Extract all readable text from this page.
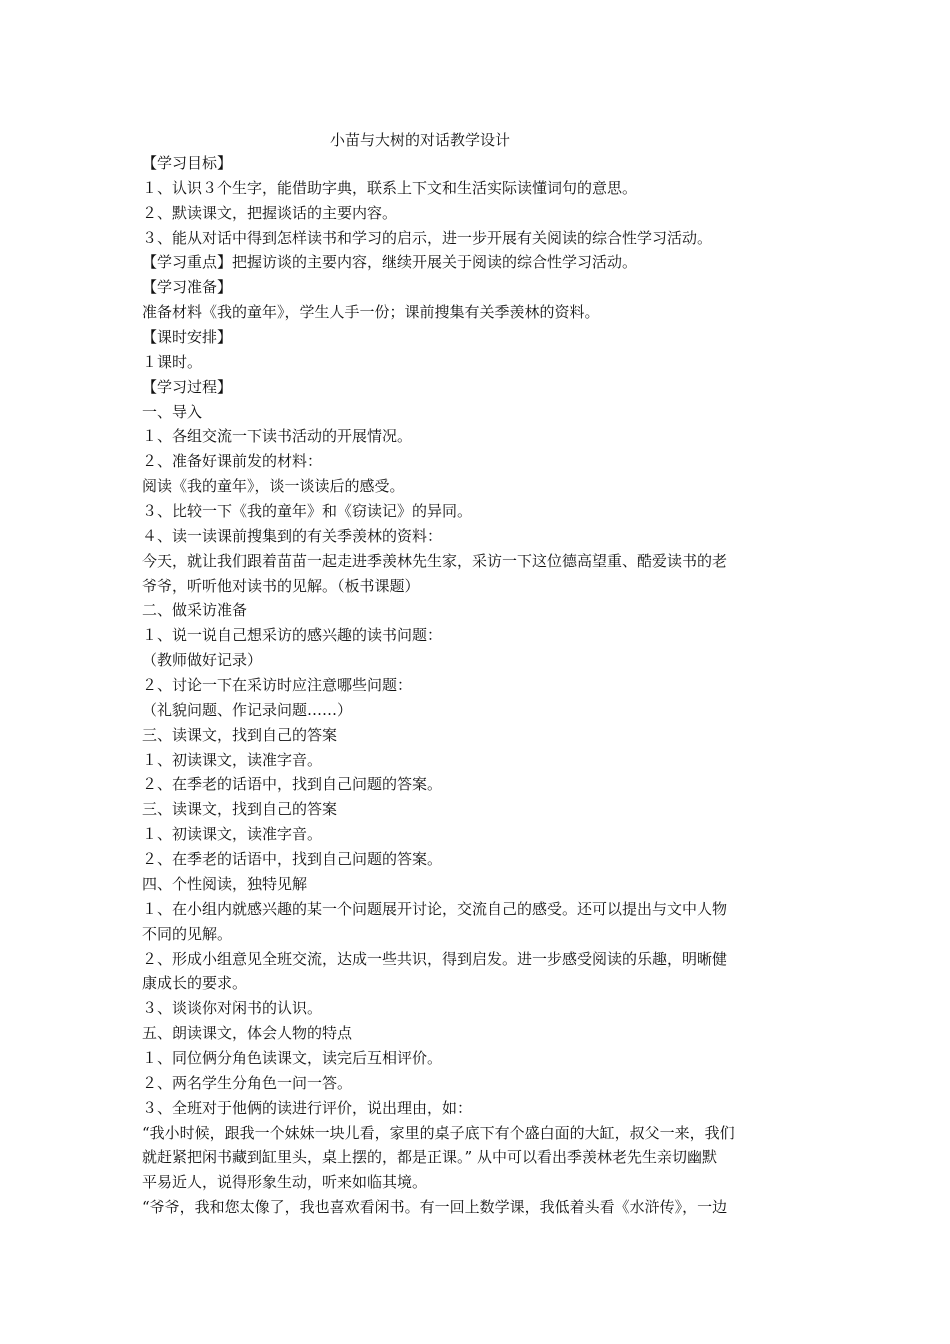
小苗与大树的对话教学设计
【学习目标】
１、认识３个生字，能借助字典，联系上下文和生活实际读懂词句的意思。
２、默读课文，把握谈话的主要内容。
３、能从对话中得到怎样读书和学习的启示，进一步开展有关阅读的综合性学习活动。
【学习重点】把握访谈的主要内容，继续开展关于阅读的综合性学习活动。
【学习准备】
准备材料《我的童年》，学生人手一份；课前搜集有关季羡林的资料。
【课时安排】
１课时。
【学习过程】
一、导入
１、各组交流一下读书活动的开展情况。
２、准备好课前发的材料：
阅读《我的童年》，谈一谈读后的感受。
３、比较一下《我的童年》和《窃读记》的异同。
４、读一读课前搜集到的有关季羡林的资料：
今天，就让我们跟着苗苗一起走进季羡林先生家，采访一下这位德高望重、酷爱读书的老
爷爷，听听他对读书的见解。（板书课题）
二、做采访准备
１、说一说自己想采访的感兴趣的读书问题：
（教师做好记录）
２、讨论一下在采访时应注意哪些问题：
（礼貌问题、作记录问题……）
三、读课文，找到自己的答案
１、初读课文，读准字音。
２、在季老的话语中，找到自己问题的答案。
三、读课文，找到自己的答案
１、初读课文，读准字音。
２、在季老的话语中，找到自己问题的答案。
四、个性阅读，独特见解
１、在小组内就感兴趣的某一个问题展开讨论，交流自己的感受。还可以提出与文中人物
不同的见解。
２、形成小组意见全班交流，达成一些共识，得到启发。进一步感受阅读的乐趣，明晰健
康成长的要求。
３、谈谈你对闲书的认识。
五、朗读课文，体会人物的特点
１、同位俩分角色读课文，读完后互相评价。
２、两名学生分角色一问一答。
３、全班对于他俩的读进行评价，说出理由，如：
“我小时候，跟我一个妹妹一块儿看，家里的桌子底下有个盛白面的大缸，叔父一来，我们
就赶紧把闲书藏到缸里头，桌上摆的，都是正课。” 从中可以看出季羡林老先生亲切幽默
平易近人，说得形象生动，听来如临其境。
“爷爷，我和您太像了，我也喜欢看闲书。有一回上数学课，我低着头看《水浒传》，一边
